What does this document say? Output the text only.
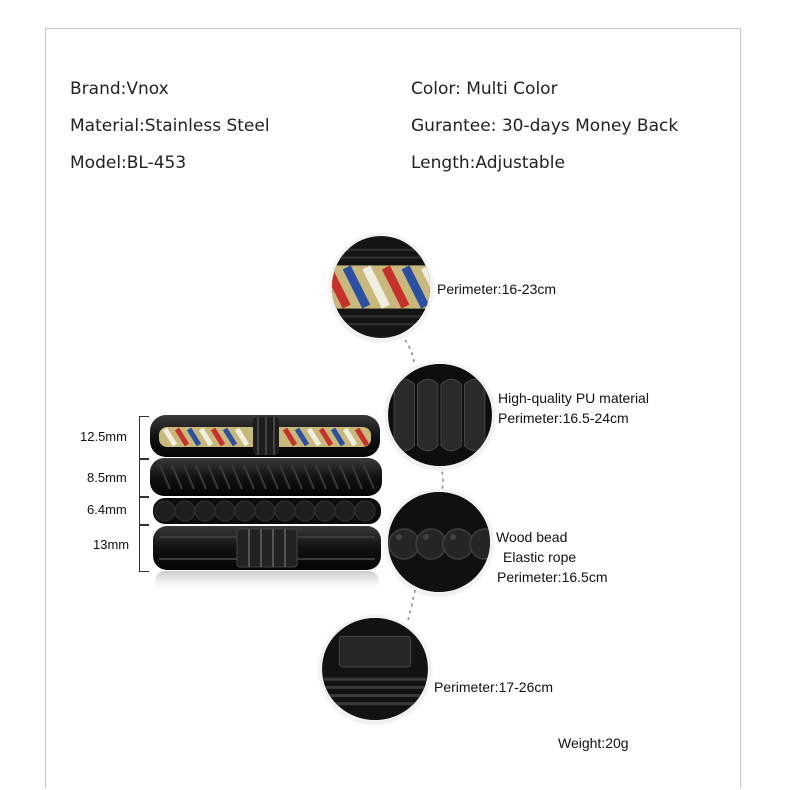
Brand:Vnox
Material:Stainless Steel
Model:BL-453
Color: Multi Color
Gurantee: 30-days Money Back
Length:Adjustable
12.5mm
8.5mm
6.4mm
13mm
Perimeter:16-23cm
High-quality PU material
Perimeter:16.5-24cm
Wood bead
Elastic rope
Perimeter:16.5cm
Perimeter:17-26cm
Weight:20g
